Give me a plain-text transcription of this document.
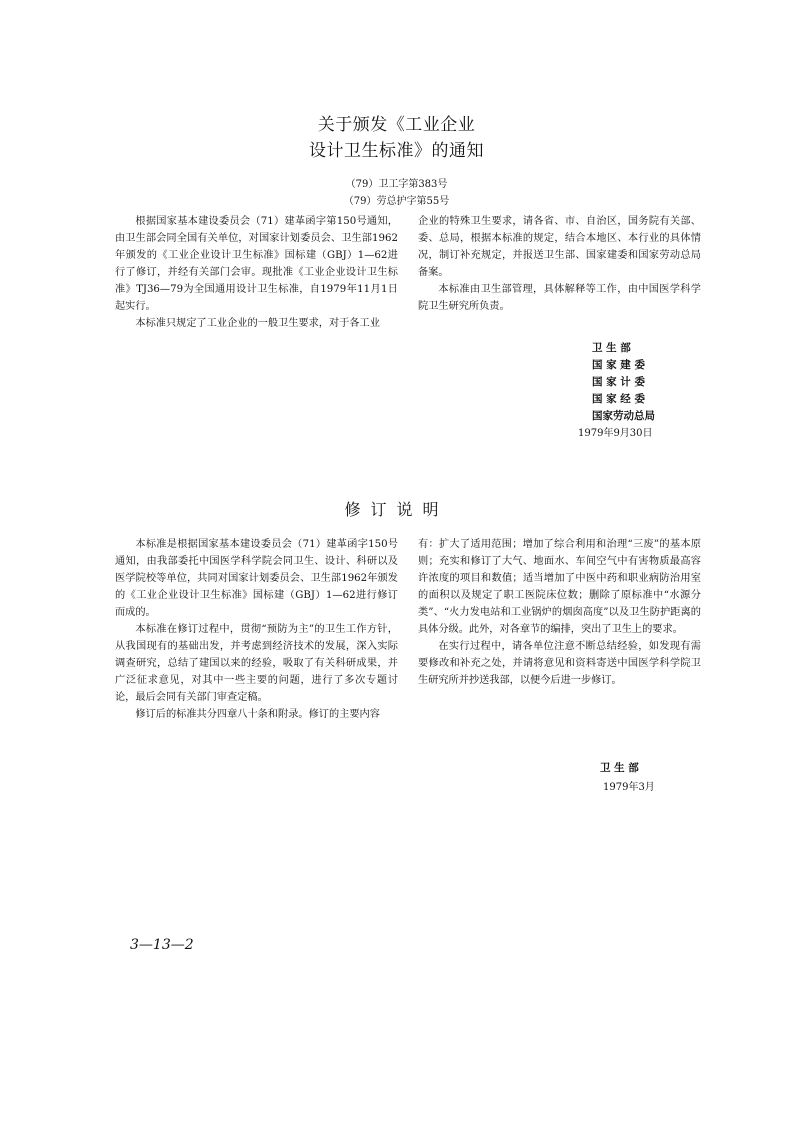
关于颁发《工业企业
设计卫生标准》的通知
（79）卫工字第383号
（79）劳总护字第55号

根据国家基本建设委员会（71）建革函字第150号通知，由卫生部会同全国有关单位，对国家计划委员会、卫生部1962年颁发的《工业企业设计卫生标准》国标建（GBJ）1—62进行了修订，并经有关部门会审。现批准《工业企业设计卫生标准》TJ36—79为全国通用设计卫生标准，自1979年11月1日起实行。

本标准只规定了工业企业的一般卫生要求，对于各工业

企业的特殊卫生要求，请各省、市、自治区，国务院有关部、委、总局，根据本标准的规定，结合本地区、本行业的具体情况，制订补充规定，并报送卫生部、国家建委和国家劳动总局备案。

本标准由卫生部管理，具体解释等工作，由中国医学科学院卫生研究所负责。

卫 生 部
国 家 建 委
国 家 计 委
国 家 经 委
国家劳动总局
1979年9月30日
修订说明

本标准是根据国家基本建设委员会（71）建革函字150号通知，由我部委托中国医学科学院会同卫生、设计、科研以及医学院校等单位，共同对国家计划委员会、卫生部1962年颁发的《工业企业设计卫生标准》国标建（GBJ）1—62进行修订而成的。

本标准在修订过程中，贯彻“预防为主”的卫生工作方针，从我国现有的基础出发，并考虑到经济技术的发展，深入实际调查研究，总结了建国以来的经验，吸取了有关科研成果，并广泛征求意见，对其中一些主要的问题，进行了多次专题讨论，最后会同有关部门审查定稿。

修订后的标准共分四章八十条和附录。修订的主要内容

有：扩大了适用范围；增加了综合利用和治理“三废”的基本原则；充实和修订了大气、地面水、车间空气中有害物质最高容许浓度的项目和数值；适当增加了中医中药和职业病防治用室的面积以及规定了职工医院床位数；删除了原标准中“水源分类”、“火力发电站和工业锅炉的烟囱高度”以及卫生防护距离的具体分级。此外，对各章节的编排，突出了卫生上的要求。

在实行过程中，请各单位注意不断总结经验，如发现有需要修改和补充之处，并请将意见和资料寄送中国医学科学院卫生研究所并抄送我部，以便今后进一步修订。

卫 生 部
1979年3月
3—13—2
